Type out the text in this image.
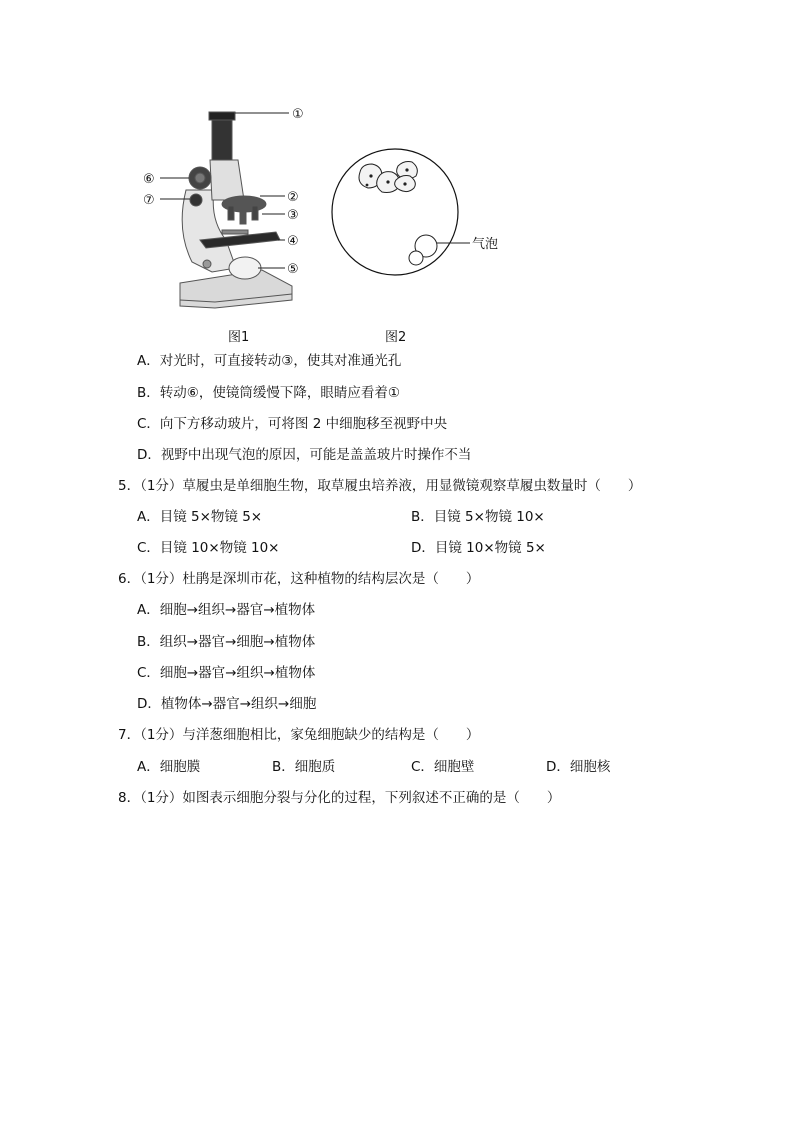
①
②
③
④
⑤
⑥
⑦
气泡
图1	图2
A．对光时，可直接转动③，使其对准通光孔
B．转动⑥，使镜筒缓慢下降，眼睛应看着①
C．向下方移动玻片，可将图 2 中细胞移至视野中央
D．视野中出现气泡的原因，可能是盖盖玻片时操作不当
5．（1分）草履虫是单细胞生物，取草履虫培养液，用显微镜观察草履虫数量时（　　）
A．目镜 5×物镜 5×	B．目镜 5×物镜 10×
C．目镜 10×物镜 10×	D．目镜 10×物镜 5×
6．（1分）杜鹃是深圳市花，这种植物的结构层次是（　　）
A．细胞→组织→器官→植物体
B．组织→器官→细胞→植物体
C．细胞→器官→组织→植物体
D．植物体→器官→组织→细胞
7．（1分）与洋葱细胞相比，家兔细胞缺少的结构是（　　）
A．细胞膜	B．细胞质	C．细胞壁	D．细胞核
8．（1分）如图表示细胞分裂与分化的过程，下列叙述不正确的是（　　）
